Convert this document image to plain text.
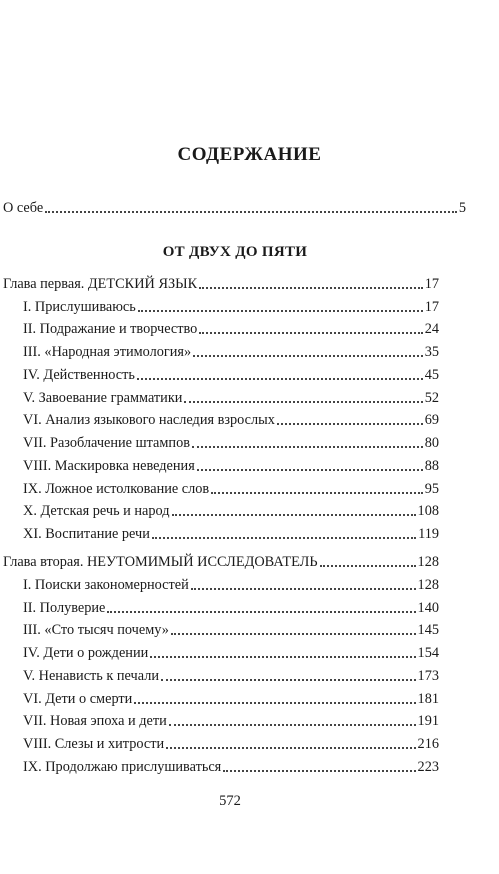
СОДЕРЖАНИЕ
О себе	5
ОТ ДВУХ ДО ПЯТИ
Глава первая. ДЕТСКИЙ ЯЗЫК	17
I. Прислушиваюсь	17
II. Подражание и творчество	24
III. «Народная этимология»	35
IV. Действенность	45
V. Завоевание грамматики	52
VI. Анализ языкового наследия взрослых	69
VII. Разоблачение штампов	80
VIII. Маскировка неведения	88
IX. Ложное истолкование слов	95
X. Детская речь и народ	108
XI. Воспитание речи	119
Глава вторая. НЕУТОМИМЫЙ ИССЛЕДОВАТЕЛЬ	128
I. Поиски закономерностей	128
II. Полуверие	140
III. «Сто тысяч почему»	145
IV. Дети о рождении	154
V. Ненависть к печали	173
VI. Дети о смерти	181
VII. Новая эпоха и дети	191
VIII. Слезы и хитрости	216
IX. Продолжаю прислушиваться	223
572
